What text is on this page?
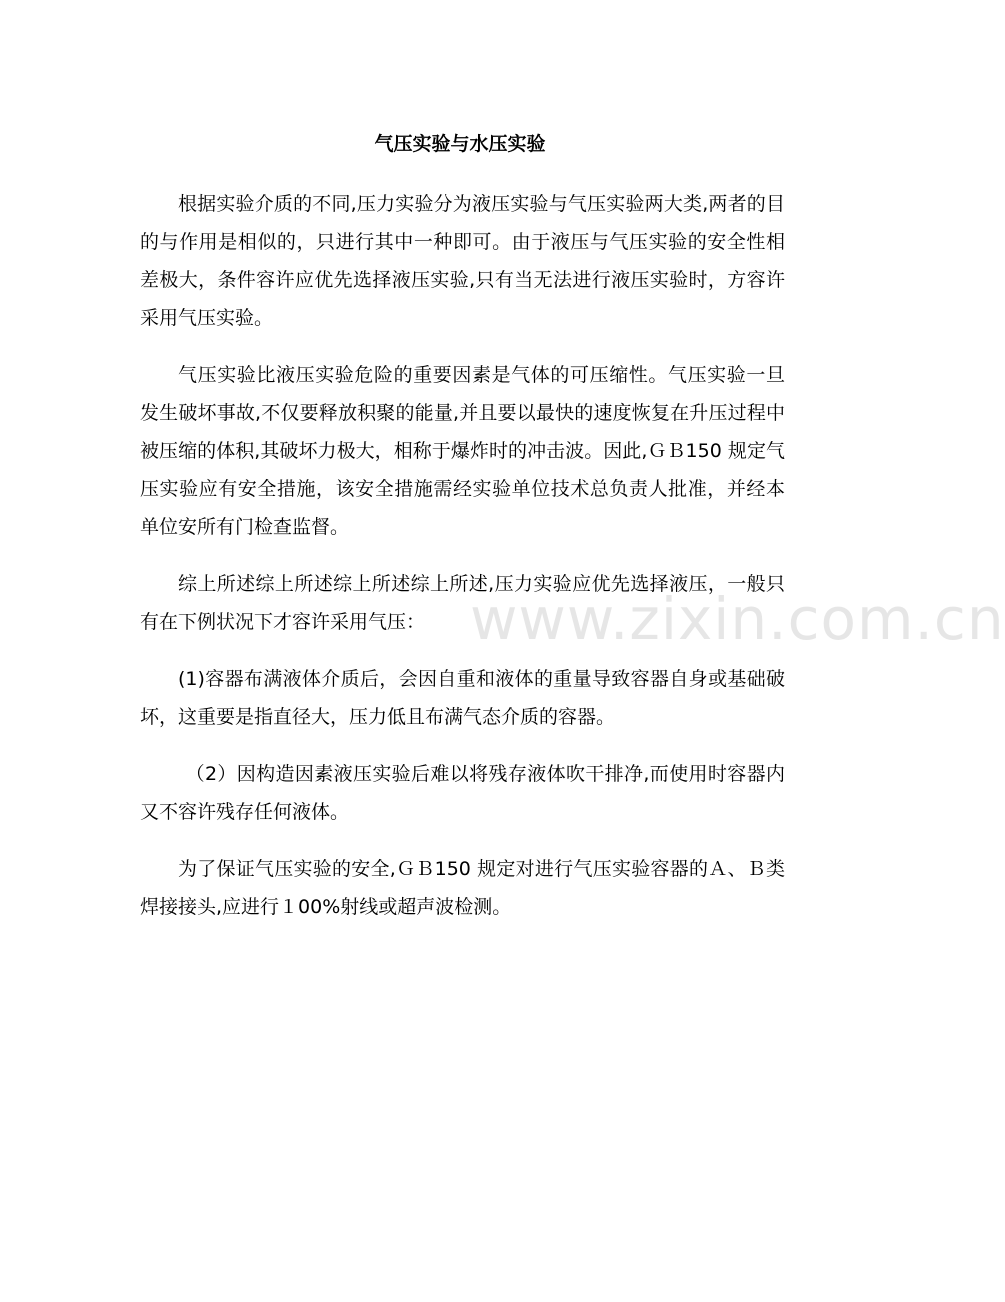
www.zixin.com.cn
气压实验与水压实验

根据实验介质的不同,压力实验分为液压实验与气压实验两大类,两者的目的与作用是相似的，只进行其中一种即可。由于液压与气压实验的安全性相差极大，条件容许应优先选择液压实验,只有当无法进行液压实验时，方容许采用气压实验。

气压实验比液压实验危险的重要因素是气体的可压缩性。气压实验一旦发生破坏事故,不仅要释放积聚的能量,并且要以最快的速度恢复在升压过程中被压缩的体积,其破坏力极大，相称于爆炸时的冲击波。因此,ＧＢ150 规定气压实验应有安全措施，该安全措施需经实验单位技术总负责人批准，并经本单位安所有门检查监督。

综上所述综上所述综上所述综上所述,压力实验应优先选择液压，一般只有在下例状况下才容许采用气压：

(1)容器布满液体介质后，会因自重和液体的重量导致容器自身或基础破坏，这重要是指直径大，压力低且布满气态介质的容器。

（2）因构造因素液压实验后难以将残存液体吹干排净,而使用时容器内又不容许残存任何液体。

为了保证气压实验的安全,ＧＢ150 规定对进行气压实验容器的Ａ、Ｂ类焊接接头,应进行１00%射线或超声波检测。
